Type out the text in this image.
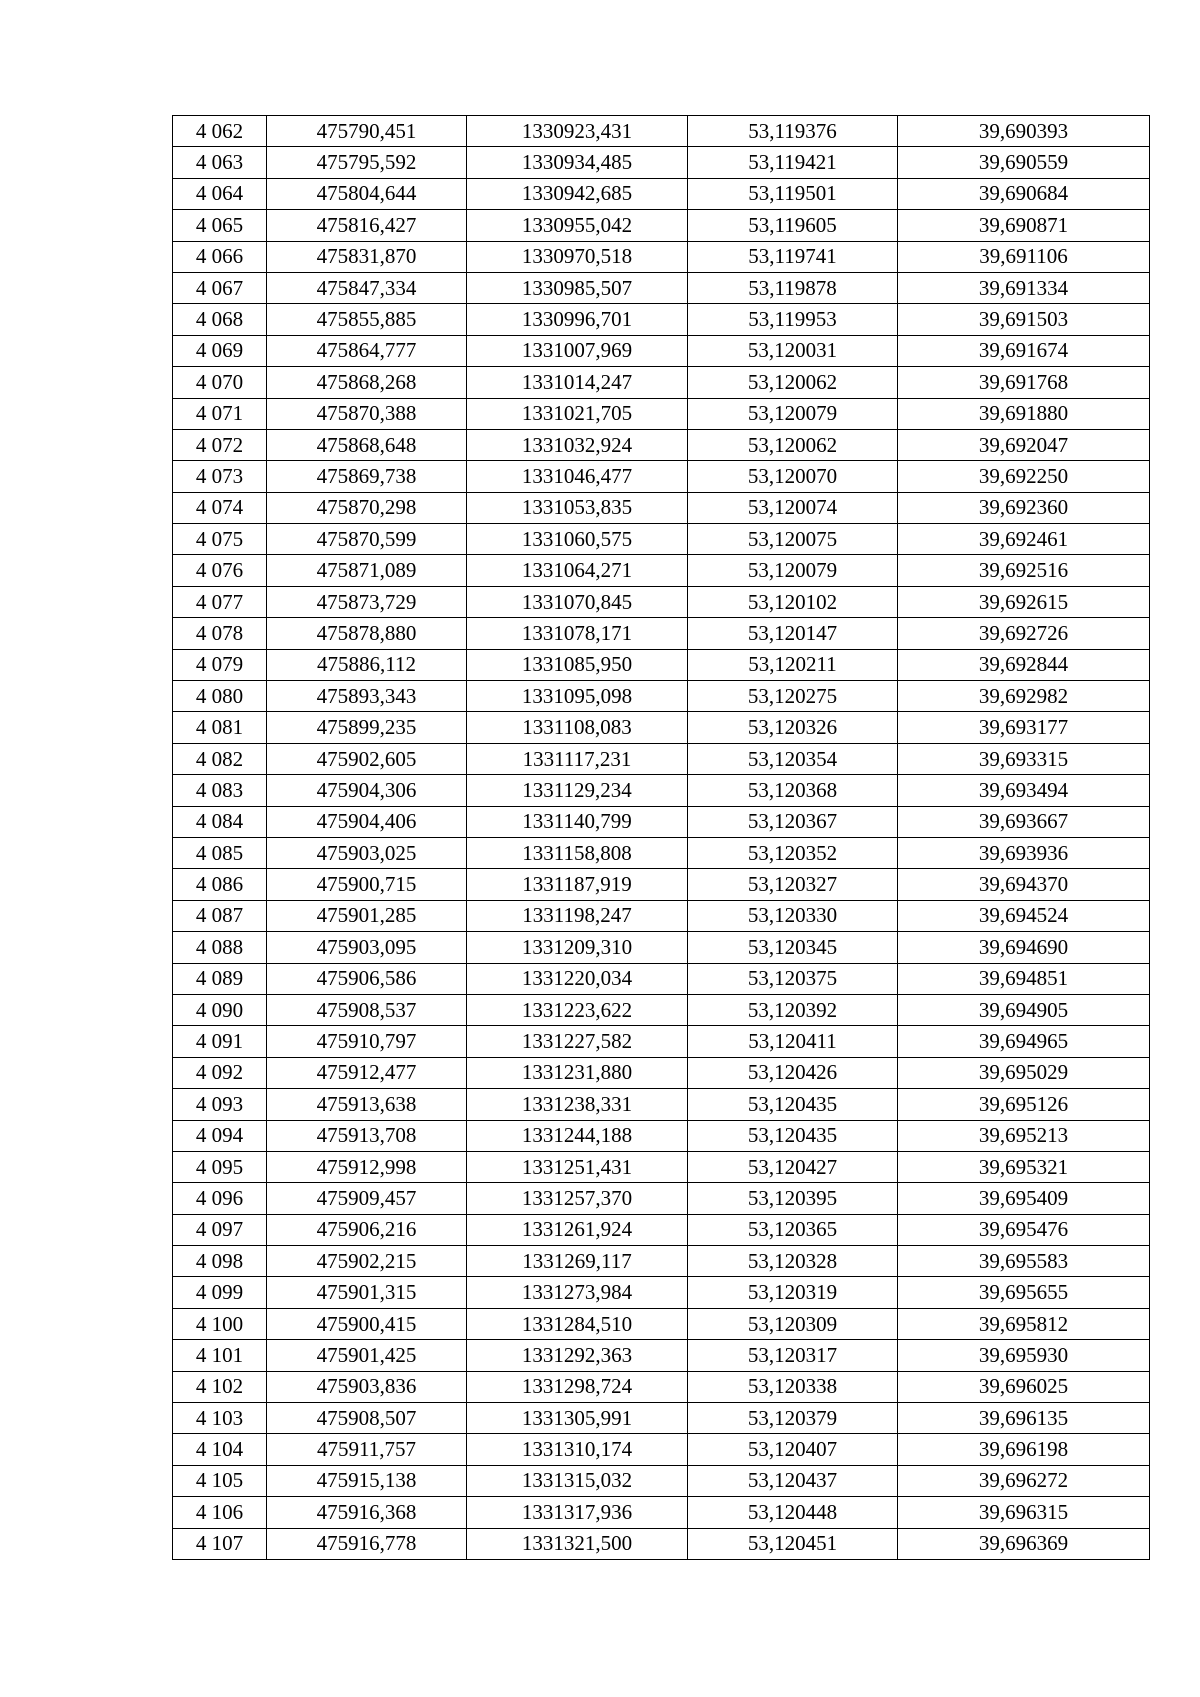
4 062	475790,451	1330923,431	53,119376	39,690393
4 063	475795,592	1330934,485	53,119421	39,690559
4 064	475804,644	1330942,685	53,119501	39,690684
4 065	475816,427	1330955,042	53,119605	39,690871
4 066	475831,870	1330970,518	53,119741	39,691106
4 067	475847,334	1330985,507	53,119878	39,691334
4 068	475855,885	1330996,701	53,119953	39,691503
4 069	475864,777	1331007,969	53,120031	39,691674
4 070	475868,268	1331014,247	53,120062	39,691768
4 071	475870,388	1331021,705	53,120079	39,691880
4 072	475868,648	1331032,924	53,120062	39,692047
4 073	475869,738	1331046,477	53,120070	39,692250
4 074	475870,298	1331053,835	53,120074	39,692360
4 075	475870,599	1331060,575	53,120075	39,692461
4 076	475871,089	1331064,271	53,120079	39,692516
4 077	475873,729	1331070,845	53,120102	39,692615
4 078	475878,880	1331078,171	53,120147	39,692726
4 079	475886,112	1331085,950	53,120211	39,692844
4 080	475893,343	1331095,098	53,120275	39,692982
4 081	475899,235	1331108,083	53,120326	39,693177
4 082	475902,605	1331117,231	53,120354	39,693315
4 083	475904,306	1331129,234	53,120368	39,693494
4 084	475904,406	1331140,799	53,120367	39,693667
4 085	475903,025	1331158,808	53,120352	39,693936
4 086	475900,715	1331187,919	53,120327	39,694370
4 087	475901,285	1331198,247	53,120330	39,694524
4 088	475903,095	1331209,310	53,120345	39,694690
4 089	475906,586	1331220,034	53,120375	39,694851
4 090	475908,537	1331223,622	53,120392	39,694905
4 091	475910,797	1331227,582	53,120411	39,694965
4 092	475912,477	1331231,880	53,120426	39,695029
4 093	475913,638	1331238,331	53,120435	39,695126
4 094	475913,708	1331244,188	53,120435	39,695213
4 095	475912,998	1331251,431	53,120427	39,695321
4 096	475909,457	1331257,370	53,120395	39,695409
4 097	475906,216	1331261,924	53,120365	39,695476
4 098	475902,215	1331269,117	53,120328	39,695583
4 099	475901,315	1331273,984	53,120319	39,695655
4 100	475900,415	1331284,510	53,120309	39,695812
4 101	475901,425	1331292,363	53,120317	39,695930
4 102	475903,836	1331298,724	53,120338	39,696025
4 103	475908,507	1331305,991	53,120379	39,696135
4 104	475911,757	1331310,174	53,120407	39,696198
4 105	475915,138	1331315,032	53,120437	39,696272
4 106	475916,368	1331317,936	53,120448	39,696315
4 107	475916,778	1331321,500	53,120451	39,696369
